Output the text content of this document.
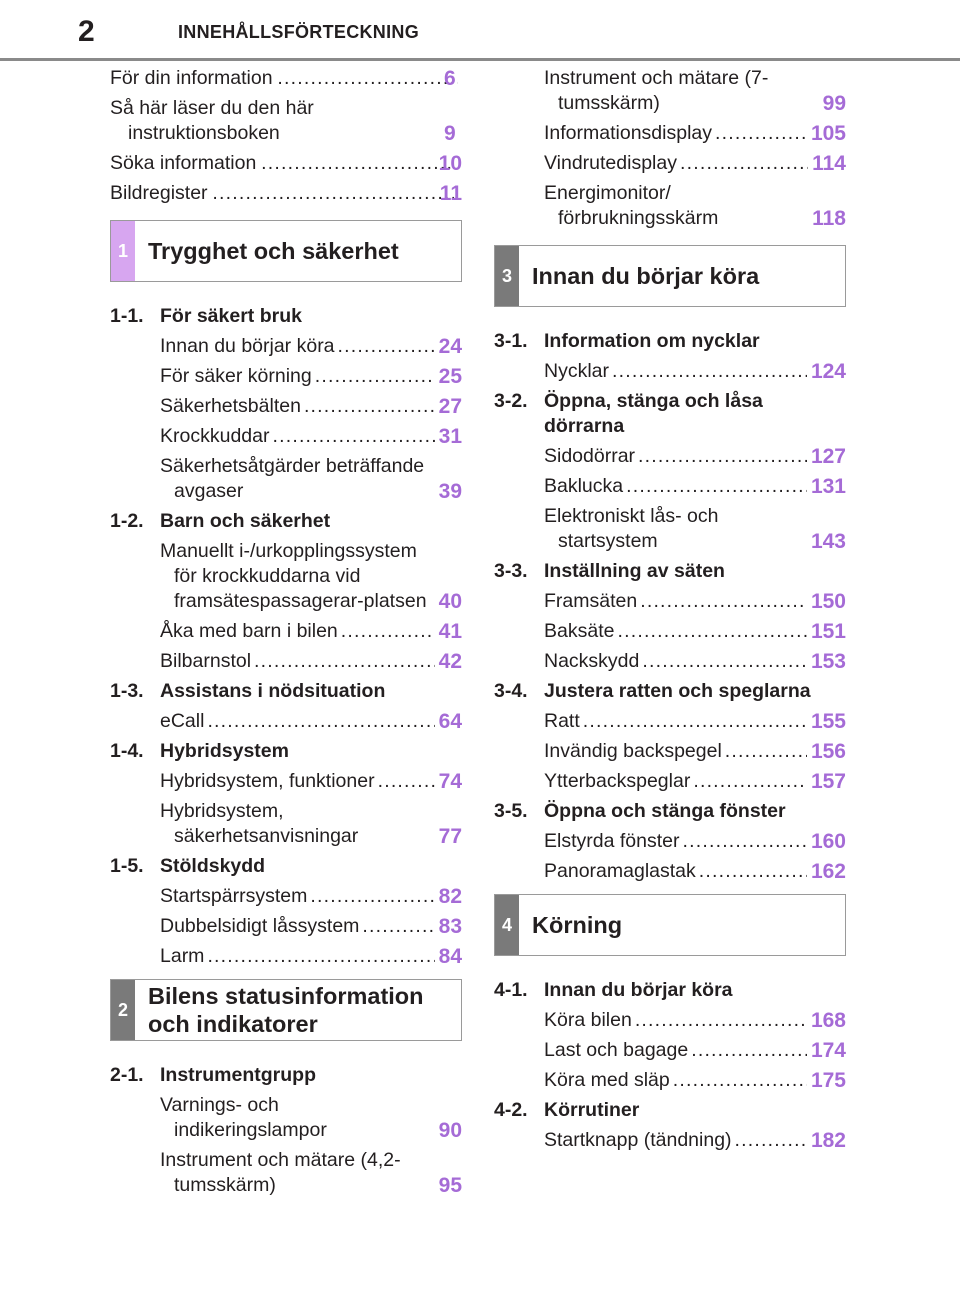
2	INNEHÅLLSFÖRTECKNING
För din information .....	6
Så här läser du den här instruktionsboken	9
Söka information .....	10
Bildregister .....	11
1 Trygghet och säkerhet
1-1. För säkert bruk
Innan du börjar köra .....	24
För säker körning .....	25
Säkerhetsbälten .....	27
Krockkuddar .....	31
Säkerhetsåtgärder beträffande avgaser	39
1-2. Barn och säkerhet
Manuellt i-/urkopplingssystem för krockkuddarna vid framsätespassagerar-platsen 40
Åka med barn i bilen .....	41
Bilbarnstol .....	42
1-3. Assistans i nödsituation
eCall .....	64
1-4. Hybridsystem
Hybridsystem, funktioner .....	74
Hybridsystem, säkerhetsanvisningar	77
1-5. Stöldskydd
Startspärrsystem .....	82
Dubbelsidigt låssystem .....	83
Larm .....	84
2
Bilens statusinformation och indikatorer
2-1. Instrumentgrupp
Varnings- och indikeringslampor	90
Instrument och mätare (4,2-tumsskärm)	95
Instrument och mätare (7-tumsskärm)	99
Informationsdisplay .....	105
Vindrutedisplay .....	114
Energimonitor/ förbrukningsskärm	118
3 Innan du börjar köra
3-1. Information om nycklar
Nycklar .....	124
3-2. Öppna, stänga och låsa dörrarna
Sidodörrar .....	127
Baklucka .....	131
Elektroniskt lås- och startsystem	143
3-3. Inställning av säten
Framsäten .....	150
Baksäte .....	151
Nackskydd .....	153
3-4. Justera ratten och speglarna
Ratt .....	155
Invändig backspegel .....	156
Ytterbackspeglar .....	157
3-5. Öppna och stänga fönster
Elstyrda fönster .....	160
Panoramaglastak .....	162
4 Körning
4-1. Innan du börjar köra
Köra bilen .....	168
Last och bagage .....	174
Köra med släp .....	175
4-2. Körrutiner
Startknapp (tändning) .....	182
